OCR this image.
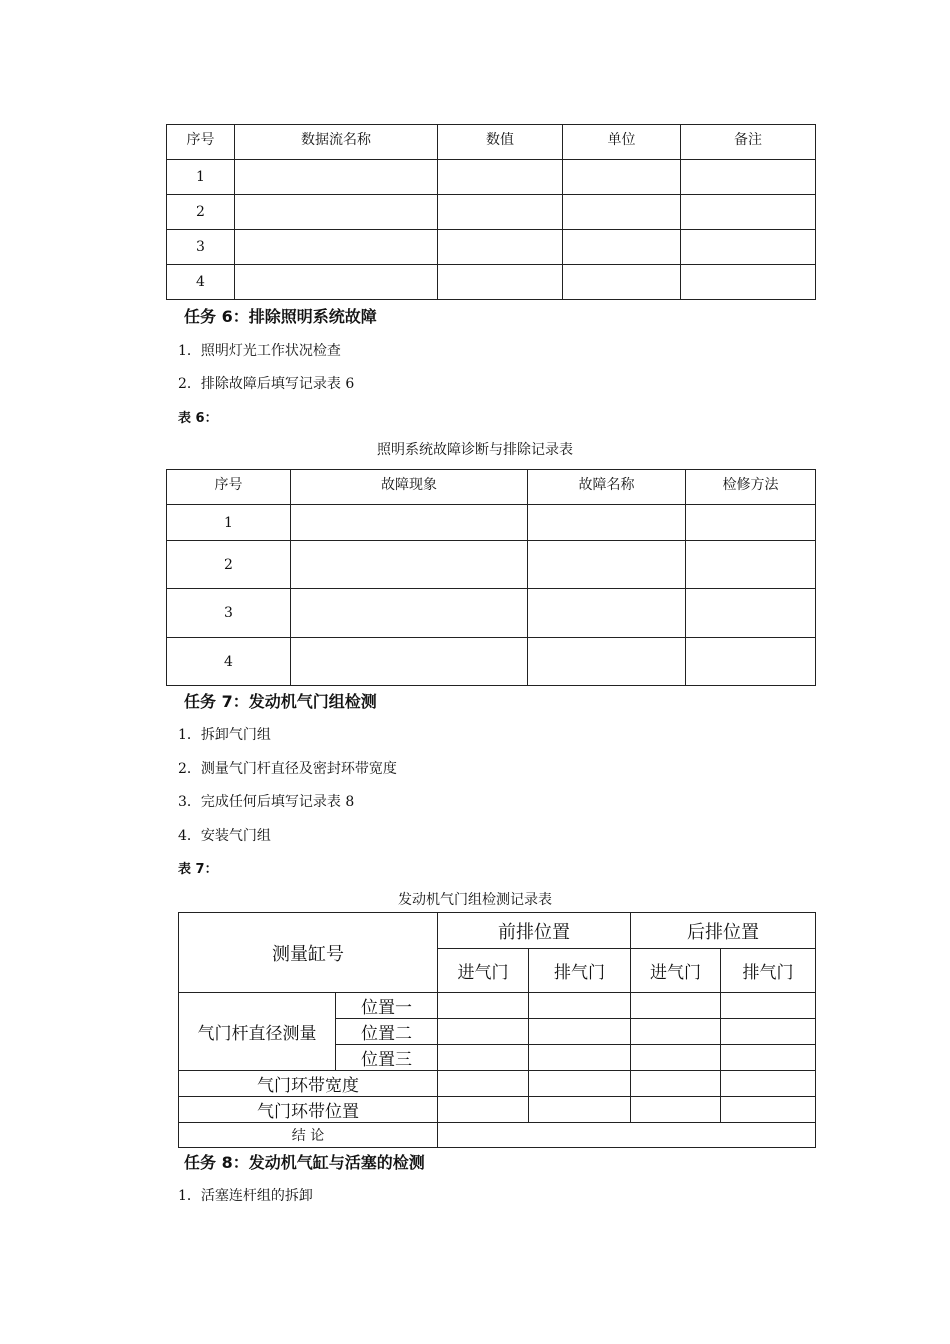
序号	数据流名称	数值	单位	备注
1				
2				
3				
4				
任务 6：排除照明系统故障
1．照明灯光工作状况检查
2．排除故障后填写记录表 6
表 6：
照明系统故障诊断与排除记录表
序号	故障现象	故障名称	检修方法
1			
2			
3			
4			
任务 7：发动机气门组检测
1．拆卸气门组
2．测量气门杆直径及密封环带宽度
3．完成任何后填写记录表 8
4．安装气门组
表 7：
发动机气门组检测记录表
测量缸号		前排位置		后排位置	
		进气门	排气门	进气门	排气门
气门杆直径测量	位置一				
	位置二				
	位置三				
气门环带宽度					
气门环带位置					
结 论					
任务 8：发动机气缸与活塞的检测
1．活塞连杆组的拆卸
